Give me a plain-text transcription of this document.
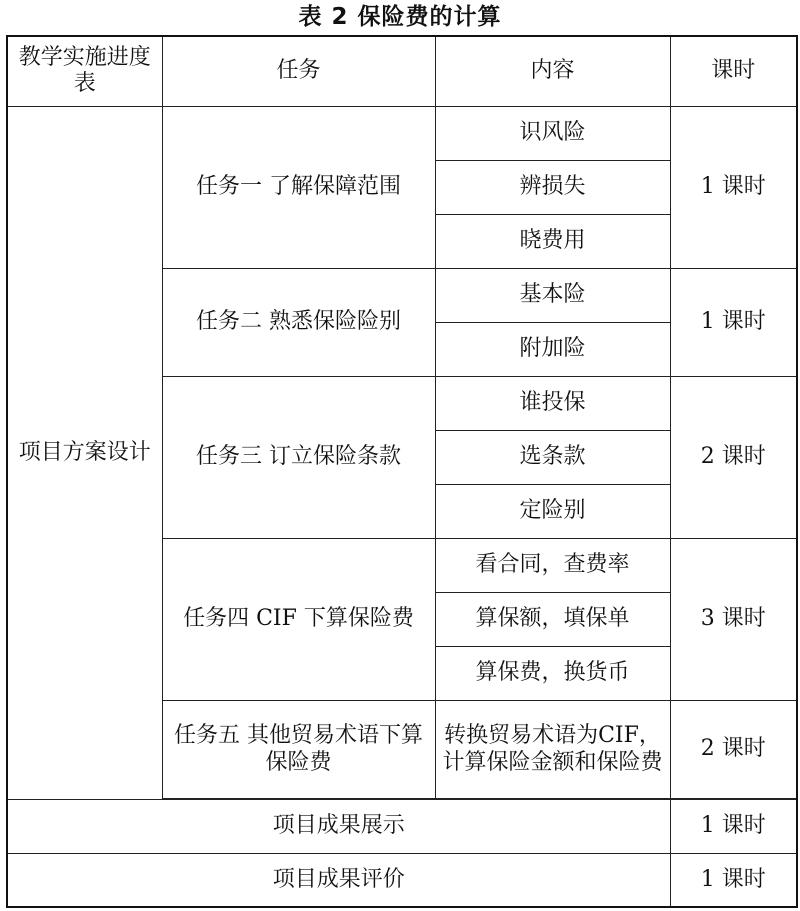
表 2 保险费的计算
教学实施进度表	任务	内容	课时
项目方案设计	任务一 了解保障范围	识风险	1 课时
		辨损失	
		晓费用	
	任务二 熟悉保险险别	基本险	1 课时
		附加险	
	任务三 订立保险条款	谁投保	2 课时
		选条款	
		定险别	
	任务四 CIF 下算保险费	看合同，查费率	3 课时
		算保额，填保单	
		算保费，换货币	
	任务五 其他贸易术语下算保险费	转换贸易术语为CIF，计算保险金额和保险费	2 课时

项目成果展示			1 课时
项目成果评价			1 课时
